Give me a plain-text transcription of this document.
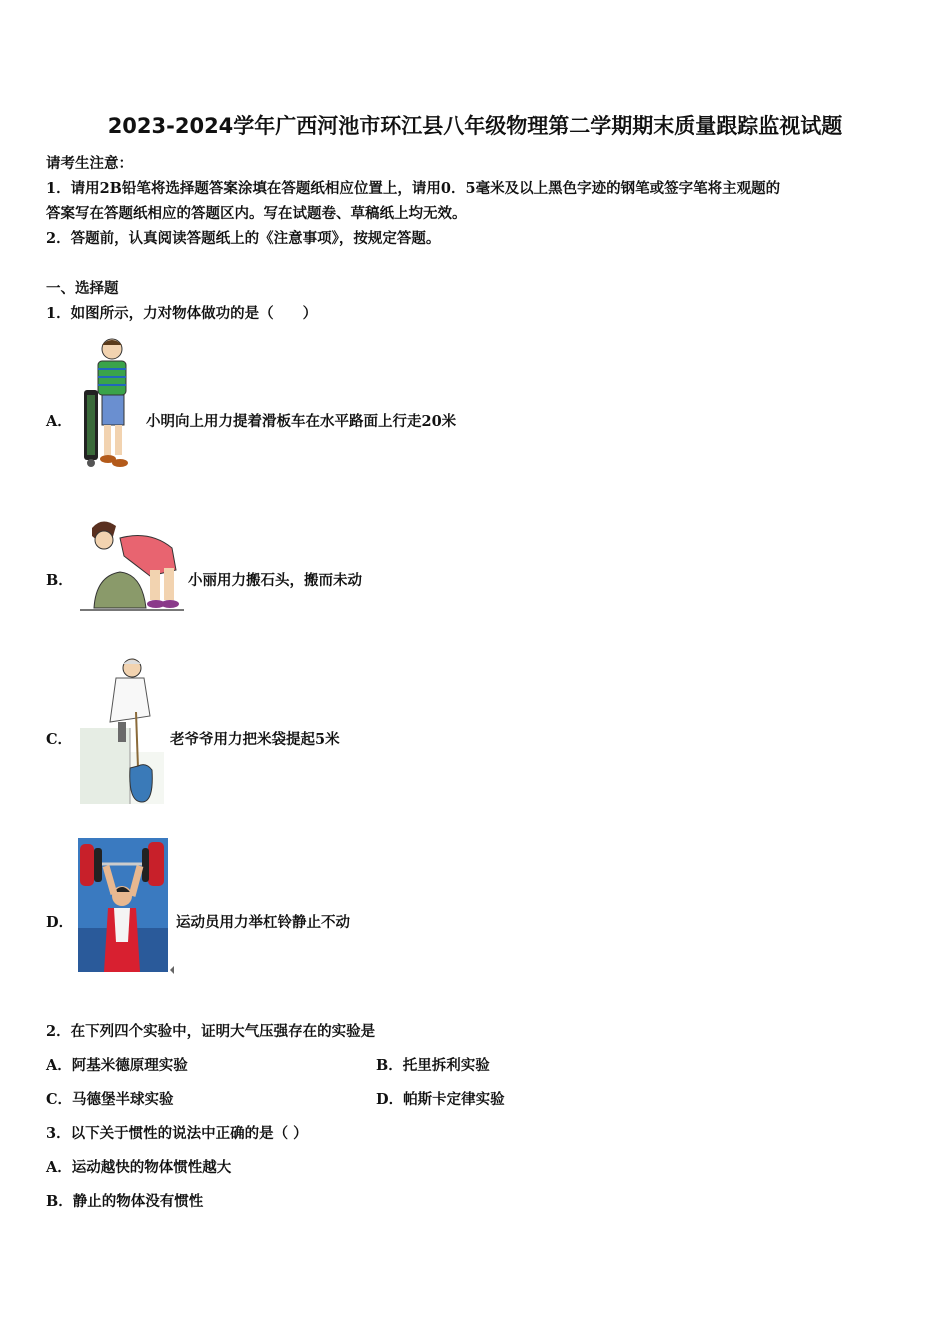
2023-2024学年广西河池市环江县八年级物理第二学期期末质量跟踪监视试题
请考生注意：
1．请用2B铅笔将选择题答案涂填在答题纸相应位置上，请用0．5毫米及以上黑色字迹的钢笔或签字笔将主观题的
答案写在答题纸相应的答题区内。写在试题卷、草稿纸上均无效。
2．答题前，认真阅读答题纸上的《注意事项》，按规定答题。
一、选择题
1．如图所示，力对物体做功的是（　　）
A．	小明向上用力提着滑板车在水平路面上行走20米
B．	小丽用力搬石头，搬而未动
C．	老爷爷用力把米袋提起5米
D．	运动员用力举杠铃静止不动
2．在下列四个实验中，证明大气压强存在的实验是
A．阿基米德原理实验	B．托里拆利实验
C．马德堡半球实验	D．帕斯卡定律实验
3．以下关于惯性的说法中正确的是（ ）
A．运动越快的物体惯性越大
B．静止的物体没有惯性
